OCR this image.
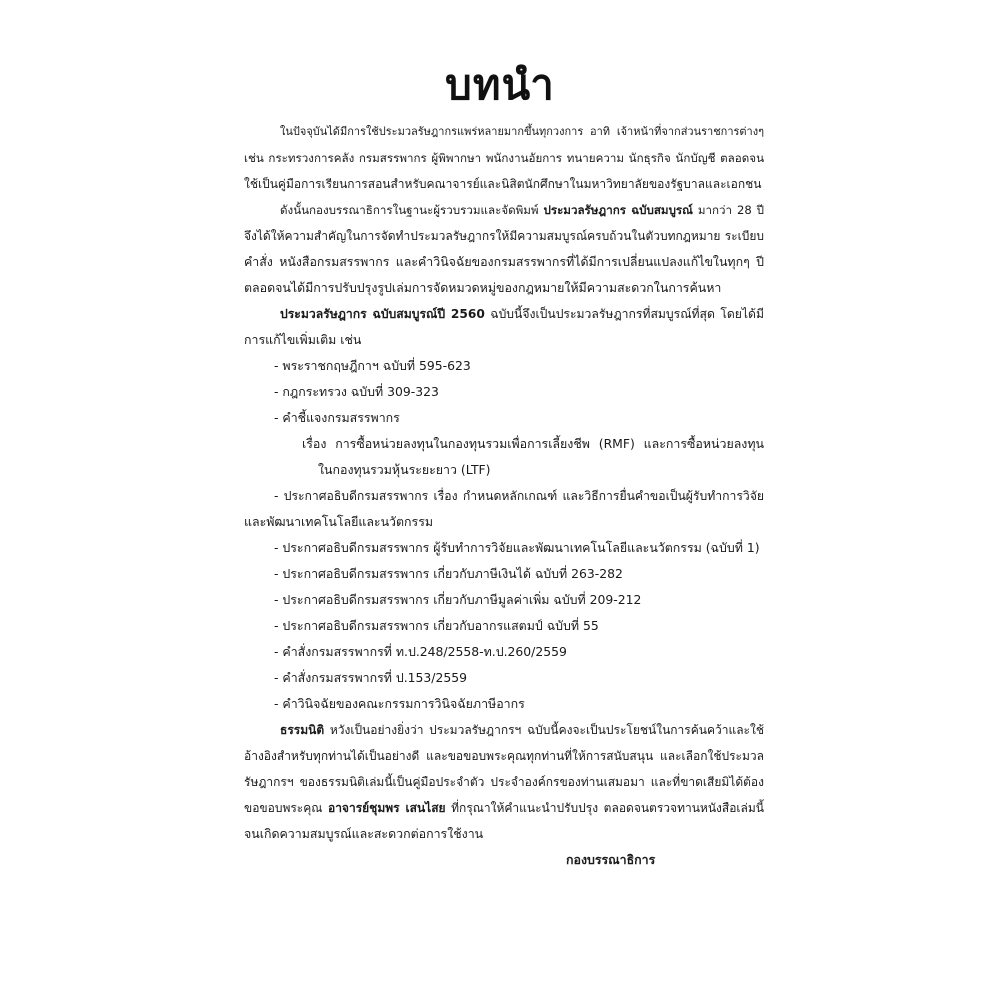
บทนำ
ในปัจจุบันได้มีการใช้ประมวลรัษฎากรแพร่หลายมากขึ้นทุกวงการ อาทิ เจ้าหน้าที่จากส่วนราชการต่างๆ
เช่น กระทรวงการคลัง กรมสรรพากร ผู้พิพากษา พนักงานอัยการ ทนายความ นักธุรกิจ นักบัญชี ตลอดจน
ใช้เป็นคู่มือการเรียนการสอนสำหรับคณาจารย์และนิสิตนักศึกษาในมหาวิทยาลัยของรัฐบาลและเอกชน
ดังนั้นกองบรรณาธิการในฐานะผู้รวบรวมและจัดพิมพ์ ประมวลรัษฎากร ฉบับสมบูรณ์ มากว่า 28 ปี
จึงได้ให้ความสำคัญในการจัดทำประมวลรัษฎากรให้มีความสมบูรณ์ครบถ้วนในตัวบทกฎหมาย ระเบียบ
คำสั่ง หนังสือกรมสรรพากร และคำวินิจฉัยของกรมสรรพากรที่ได้มีการเปลี่ยนแปลงแก้ไขในทุกๆ ปี
ตลอดจนได้มีการปรับปรุงรูปเล่มการจัดหมวดหมู่ของกฎหมายให้มีความสะดวกในการค้นหา
ประมวลรัษฎากร ฉบับสมบูรณ์ปี 2560 ฉบับนี้จึงเป็นประมวลรัษฎากรที่สมบูรณ์ที่สุด โดยได้มี
การแก้ไขเพิ่มเติม เช่น
- พระราชกฤษฎีกาฯ ฉบับที่ 595-623
- กฎกระทรวง ฉบับที่ 309-323
- คำชี้แจงกรมสรรพากร
เรื่อง การซื้อหน่วยลงทุนในกองทุนรวมเพื่อการเลี้ยงชีพ (RMF) และการซื้อหน่วยลงทุน
ในกองทุนรวมหุ้นระยะยาว (LTF)
- ประกาศอธิบดีกรมสรรพากร เรื่อง กำหนดหลักเกณฑ์ และวิธีการยื่นคำขอเป็นผู้รับทำการวิจัย
และพัฒนาเทคโนโลยีและนวัตกรรม
- ประกาศอธิบดีกรมสรรพากร ผู้รับทำการวิจัยและพัฒนาเทคโนโลยีและนวัตกรรม (ฉบับที่ 1)
- ประกาศอธิบดีกรมสรรพากร เกี่ยวกับภาษีเงินได้ ฉบับที่ 263-282
- ประกาศอธิบดีกรมสรรพากร เกี่ยวกับภาษีมูลค่าเพิ่ม ฉบับที่ 209-212
- ประกาศอธิบดีกรมสรรพากร เกี่ยวกับอากรแสตมป์ ฉบับที่ 55
- คำสั่งกรมสรรพากรที่ ท.ป.248/2558-ท.ป.260/2559
- คำสั่งกรมสรรพากรที่ ป.153/2559
- คำวินิจฉัยของคณะกรรมการวินิจฉัยภาษีอากร
ธรรมนิติ หวังเป็นอย่างยิ่งว่า ประมวลรัษฎากรฯ ฉบับนี้คงจะเป็นประโยชน์ในการค้นคว้าและใช้
อ้างอิงสำหรับทุกท่านได้เป็นอย่างดี และขอขอบพระคุณทุกท่านที่ให้การสนับสนุน และเลือกใช้ประมวล
รัษฎากรฯ ของธรรมนิติเล่มนี้เป็นคู่มือประจำตัว ประจำองค์กรของท่านเสมอมา และที่ขาดเสียมิได้ต้อง
ขอขอบพระคุณ อาจารย์ชุมพร เสนไสย ที่กรุณาให้คำแนะนำปรับปรุง ตลอดจนตรวจทานหนังสือเล่มนี้
จนเกิดความสมบูรณ์และสะดวกต่อการใช้งาน
กองบรรณาธิการ
